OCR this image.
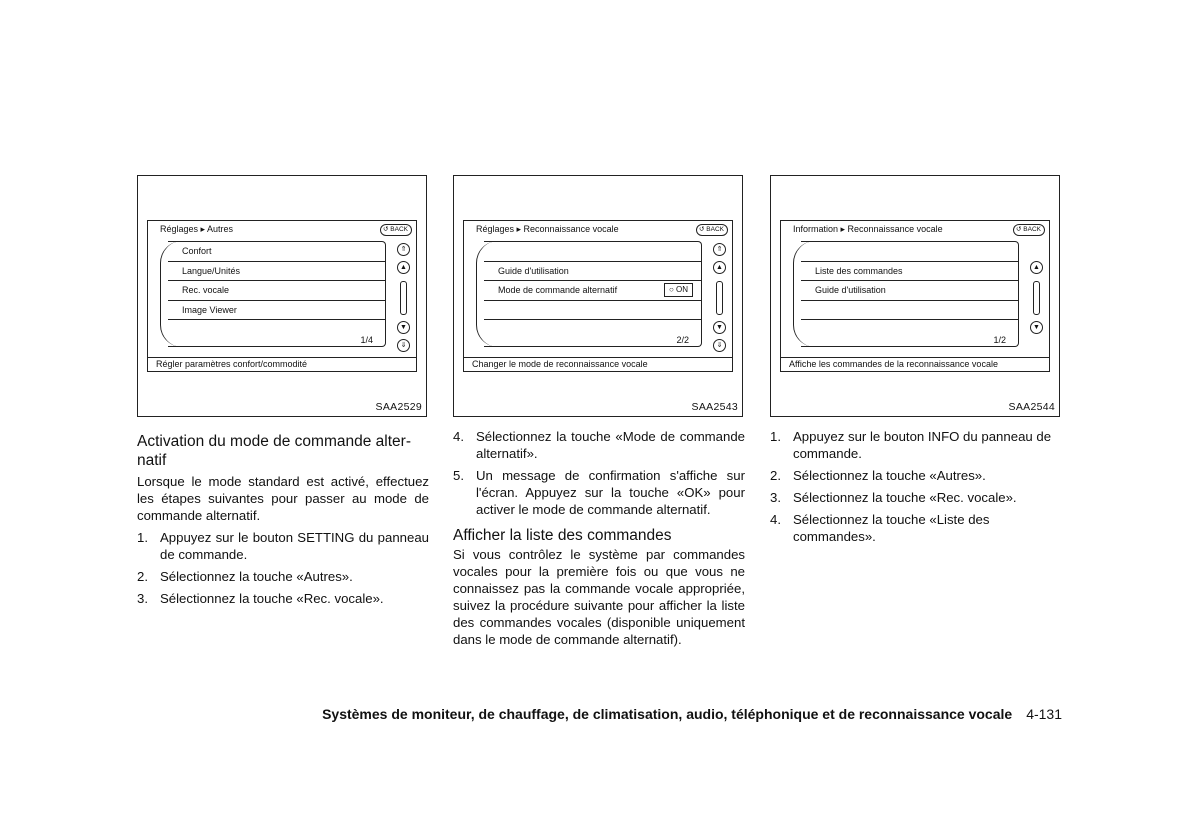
Réglages ▸ Autres	↺ BACK
Confort
Langue/Unités
Rec. vocale
Image Viewer
1/4
⇑
▲
▼
⇓
Régler paramètres confort/commodité
SAA2529
Réglages ▸ Reconnaissance vocale	↺ BACK
Guide d'utilisation
Mode de commande alternatif	○ ON
2/2
⇑
▲
▼
⇓
Changer le mode de reconnaissance vocale
SAA2543
Information ▸ Reconnaissance vocale	↺ BACK
Liste des commandes
Guide d'utilisation
1/2
▲
▼
Affiche les commandes de la reconnaissance vocale
SAA2544

Activation du mode de commande alter-
natif

Lorsque le mode standard est activé, effectuez les étapes suivantes pour passer au mode de commande alternatif.

1. Appuyez sur le bouton SETTING du panneau de commande.
2. Sélectionnez la touche «Autres».
3. Sélectionnez la touche «Rec. vocale».
4. Sélectionnez la touche «Mode de commande alternatif».
5. Un message de confirmation s'affiche sur l'écran. Appuyez sur la touche «OK» pour activer le mode de commande alternatif.

Afficher la liste des commandes

Si vous contrôlez le système par commandes vocales pour la première fois ou que vous ne connaissez pas la commande vocale appropriée, suivez la procédure suivante pour afficher la liste des commandes vocales (disponible uniquement dans le mode de commande alternatif).

1. Appuyez sur le bouton INFO du panneau de commande.
2. Sélectionnez la touche «Autres».
3. Sélectionnez la touche «Rec. vocale».
4. Sélectionnez la touche «Liste des commandes».
Systèmes de moniteur, de chauffage, de climatisation, audio, téléphonique et de reconnaissance vocale 4-131
